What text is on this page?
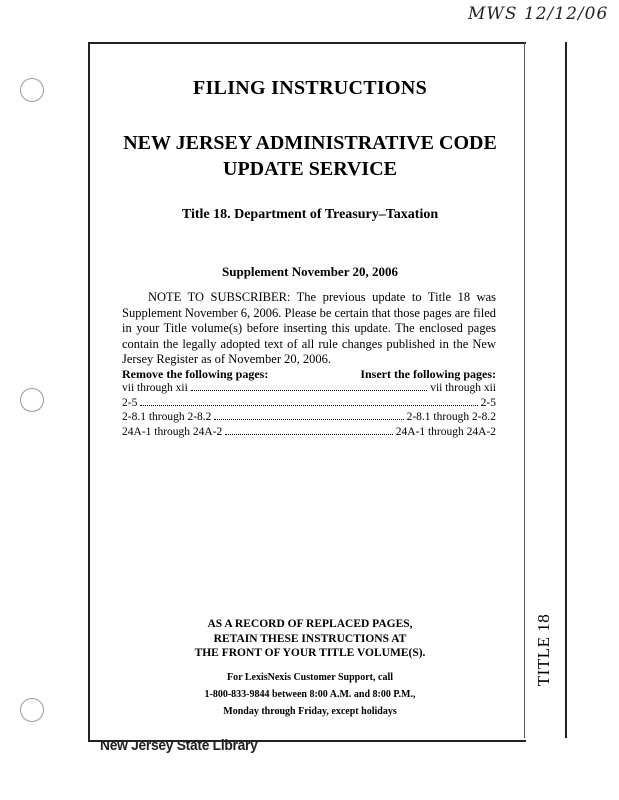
MWS 12/12/06
TITLE 18
FILING INSTRUCTIONS
NEW JERSEY ADMINISTRATIVE CODE
UPDATE SERVICE
Title 18. Department of Treasury–Taxation
Supplement November 20, 2006
NOTE TO SUBSCRIBER: The previous update to Title 18 was Supplement November 6, 2006. Please be certain that those pages are filed in your Title volume(s) before inserting this update. The enclosed pages contain the legally adopted text of all rule changes published in the New Jersey Register as of November 20, 2006.
Remove the following pages:	Insert the following pages:
vii through xii	vii through xii
2-5	2-5
2-8.1 through 2-8.2	2-8.1 through 2-8.2
24A-1 through 24A-2	24A-1 through 24A-2
AS A RECORD OF REPLACED PAGES,
RETAIN THESE INSTRUCTIONS AT
THE FRONT OF YOUR TITLE VOLUME(S).
For LexisNexis Customer Support, call
1-800-833-9844 between 8:00 A.M. and 8:00 P.M.,
Monday through Friday, except holidays
New Jersey State Library
